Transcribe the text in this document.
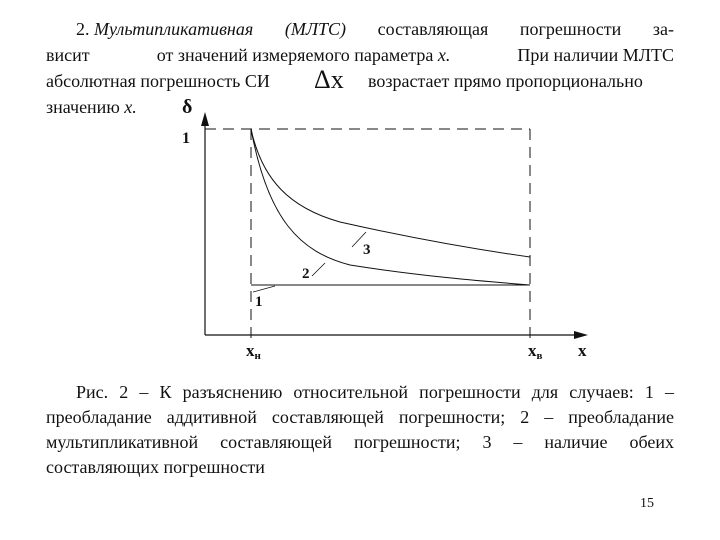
2. Мультипликативная (МЛТС) составляющая погрешности за-
висит	от значений измеряемого параметра x.	При наличии МЛТС
абсолютная погрешность СИ Δx возрастает прямо пропорционально
значению x. δ
1
1
2
3
xн	xв x
Рис. 2 – К разъяснению относительной погрешности для случаев: 1 –
преобладание аддитивной составляющей погрешности; 2 – преобладание
мультипликативной составляющей погрешности; 3 – наличие обеих
составляющих погрешности
15
